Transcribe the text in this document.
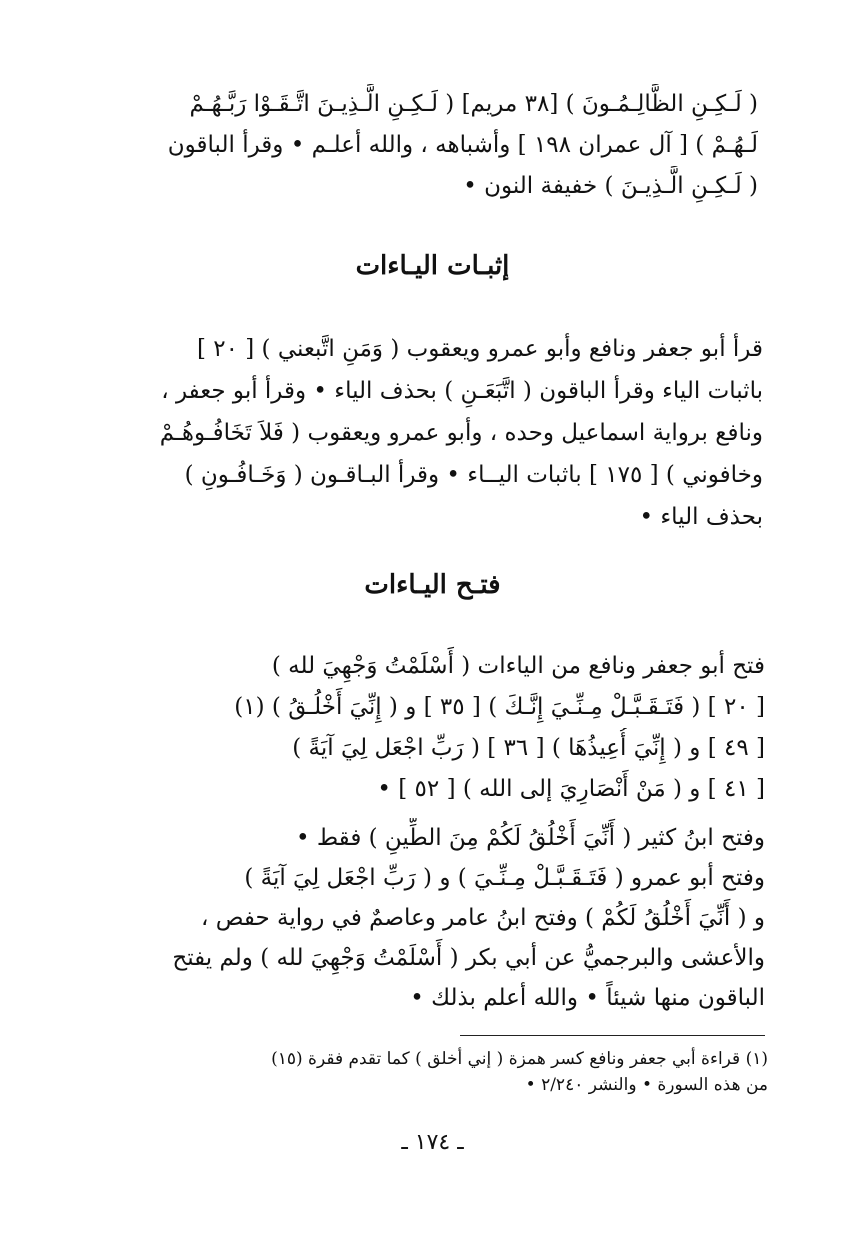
( لَـكِـنِ الظَّالِـمُـونَ ) [٣٨ مريم] ( لَـكِـنِ الَّـذِيـنَ اتَّـقَـوْا رَبَّـهُـمْ
لَـهُـمْ ) [ آل عمران ١٩٨ ] وأشباهه ، والله أعلـم • وقرأ الباقون
( لَـكِـنِ الَّـذِيـنَ ) خفيفة النون •
إثبـات اليـاءات
قرأ أبو جعفر ونافع وأبو عمرو ويعقوب ( وَمَنِ اتَّبعني ) [ ٢٠ ]
باثبات الياء وقرأ الباقون ( اتَّبَعَـنِ ) بحذف الياء • وقرأ أبو جعفر ،
ونافع برواية اسماعيل وحده ، وأبو عمرو ويعقوب ( فَلاَ تَخَافُـوهُـمْ
وخافوني ) [ ١٧٥ ] باثبات اليــاء • وقرأ البـاقـون ( وَخَـافُـونِ )
بحذف الياء •
فتـح اليـاءات
فتح أبو جعفر ونافع من الياءات ( أَسْلَمْتُ وَجْهِيَ لله )
[ ٢٠ ] ( فَتَـقَـبَّـلْ مِـنِّـيَ إِنَّـكَ ) [ ٣٥ ] و ( إِنِّيَ أَخْلُـقُ ) (١)
[ ٤٩ ] و ( إِنِّيَ أُعِيذُهَا ) [ ٣٦ ] ( رَبِّ اجْعَل لِيَ آيَةً )
[ ٤١ ] و ( مَنْ أَنْصَارِيَ إلى الله ) [ ٥٢ ] •
وفتح ابنُ كثير ( أَنِّيَ أَخْلُقُ لَكُمْ مِنَ الطِّينِ ) فقط •
وفتح أبو عمرو ( فَتَـقَـبَّـلْ مِـنِّـيَ ) و ( رَبِّ اجْعَل لِيَ آيَةً )
و ( أَنِّيَ أَخْلُقُ لَكُمْ ) وفتح ابنُ عامر وعاصمٌ في رواية حفص ،
والأعشى والبرجميُّ عن أبي بكر ( أَسْلَمْتُ وَجْهِيَ لله ) ولم يفتح
الباقون منها شيئاً • والله أعلم بذلك •
(١) قراءة أبي جعفر ونافع كسر همزة ( إني أخلق ) كما تقدم فقرة (١٥)
من هذه السورة • والنشر ٢/٢٤٠ •
ـ ١٧٤ ـ
